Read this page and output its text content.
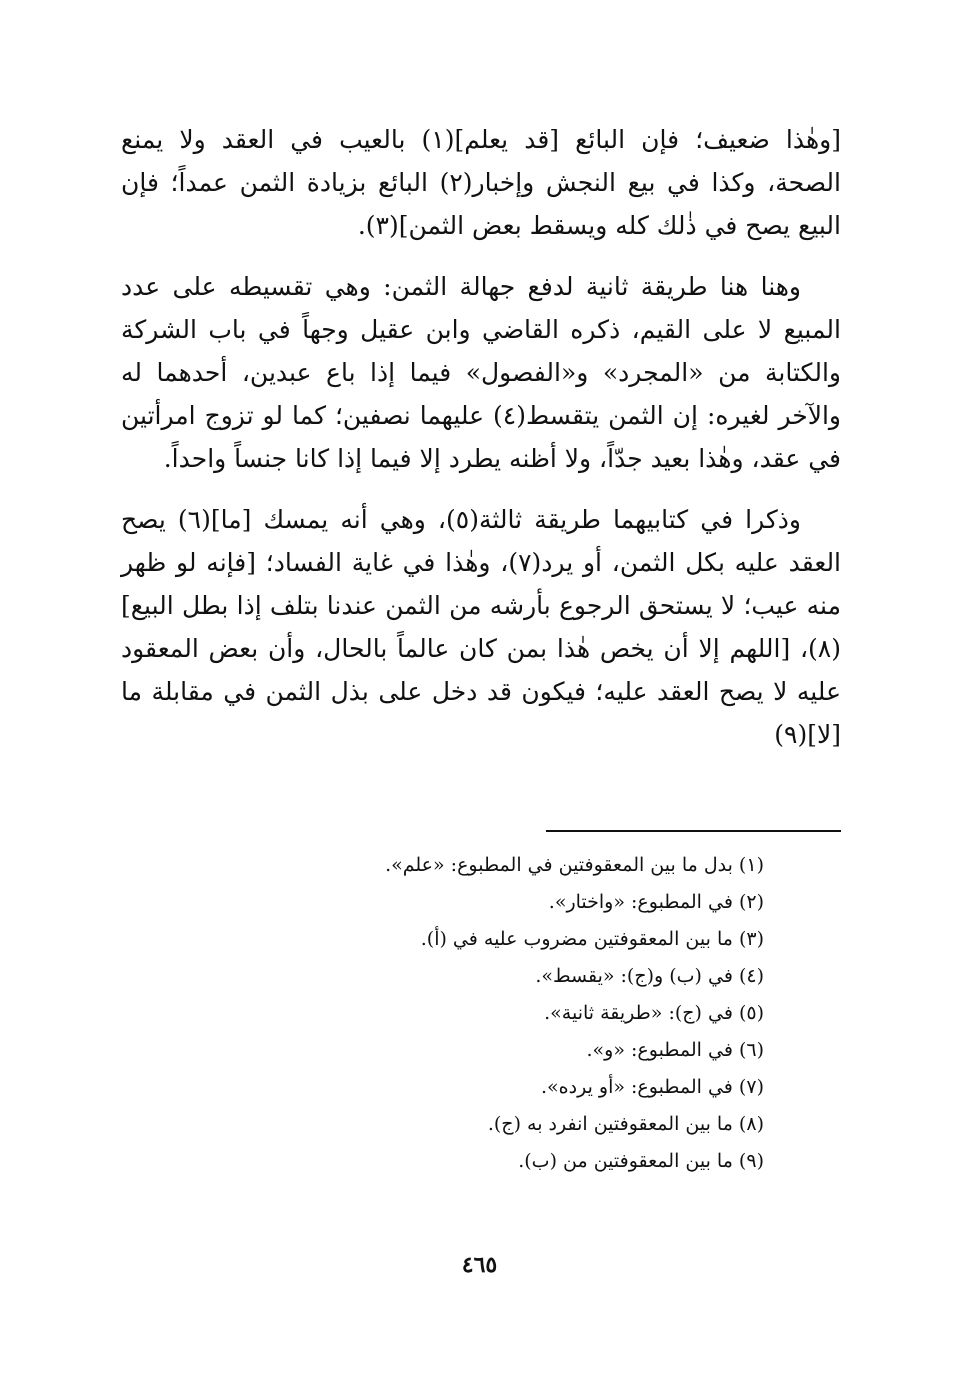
[وهٰذا ضعيف؛ فإن البائع [قد يعلم](١) بالعيب في العقد ولا يمنع الصحة، وكذا في بيع النجش وإخبار(٢) البائع بزيادة الثمن عمداً؛ فإن البيع يصح في ذٰلك كله ويسقط بعض الثمن](٣).

وهنا هنا طريقة ثانية لدفع جهالة الثمن: وهي تقسيطه على عدد المبيع لا على القيم، ذكره القاضي وابن عقيل وجهاً في باب الشركة والكتابة من «المجرد» و«الفصول» فيما إذا باع عبدين، أحدهما له والآخر لغيره: إن الثمن يتقسط(٤) عليهما نصفين؛ كما لو تزوج امرأتين في عقد، وهٰذا بعيد جدّاً، ولا أظنه يطرد إلا فيما إذا كانا جنساً واحداً.

وذكرا في كتابيهما طريقة ثالثة(٥)، وهي أنه يمسك [ما](٦) يصح العقد عليه بكل الثمن، أو يرد(٧)، وهٰذا في غاية الفساد؛ [فإنه لو ظهر منه عيب؛ لا يستحق الرجوع بأرشه من الثمن عندنا بتلف إذا بطل البيع](٨)، [اللهم إلا أن يخص هٰذا بمن كان عالماً بالحال، وأن بعض المعقود عليه لا يصح العقد عليه؛ فيكون قد دخل على بذل الثمن في مقابلة ما [لا](٩)

(١) بدل ما بين المعقوفتين في المطبوع: «علم».
(٢) في المطبوع: «واختار».
(٣) ما بين المعقوفتين مضروب عليه في (أ).
(٤) في (ب) و(ج): «يقسط».
(٥) في (ج): «طريقة ثانية».
(٦) في المطبوع: «و».
(٧) في المطبوع: «أو يرده».
(٨) ما بين المعقوفتين انفرد به (ج).
(٩) ما بين المعقوفتين من (ب).
٤٦٥
